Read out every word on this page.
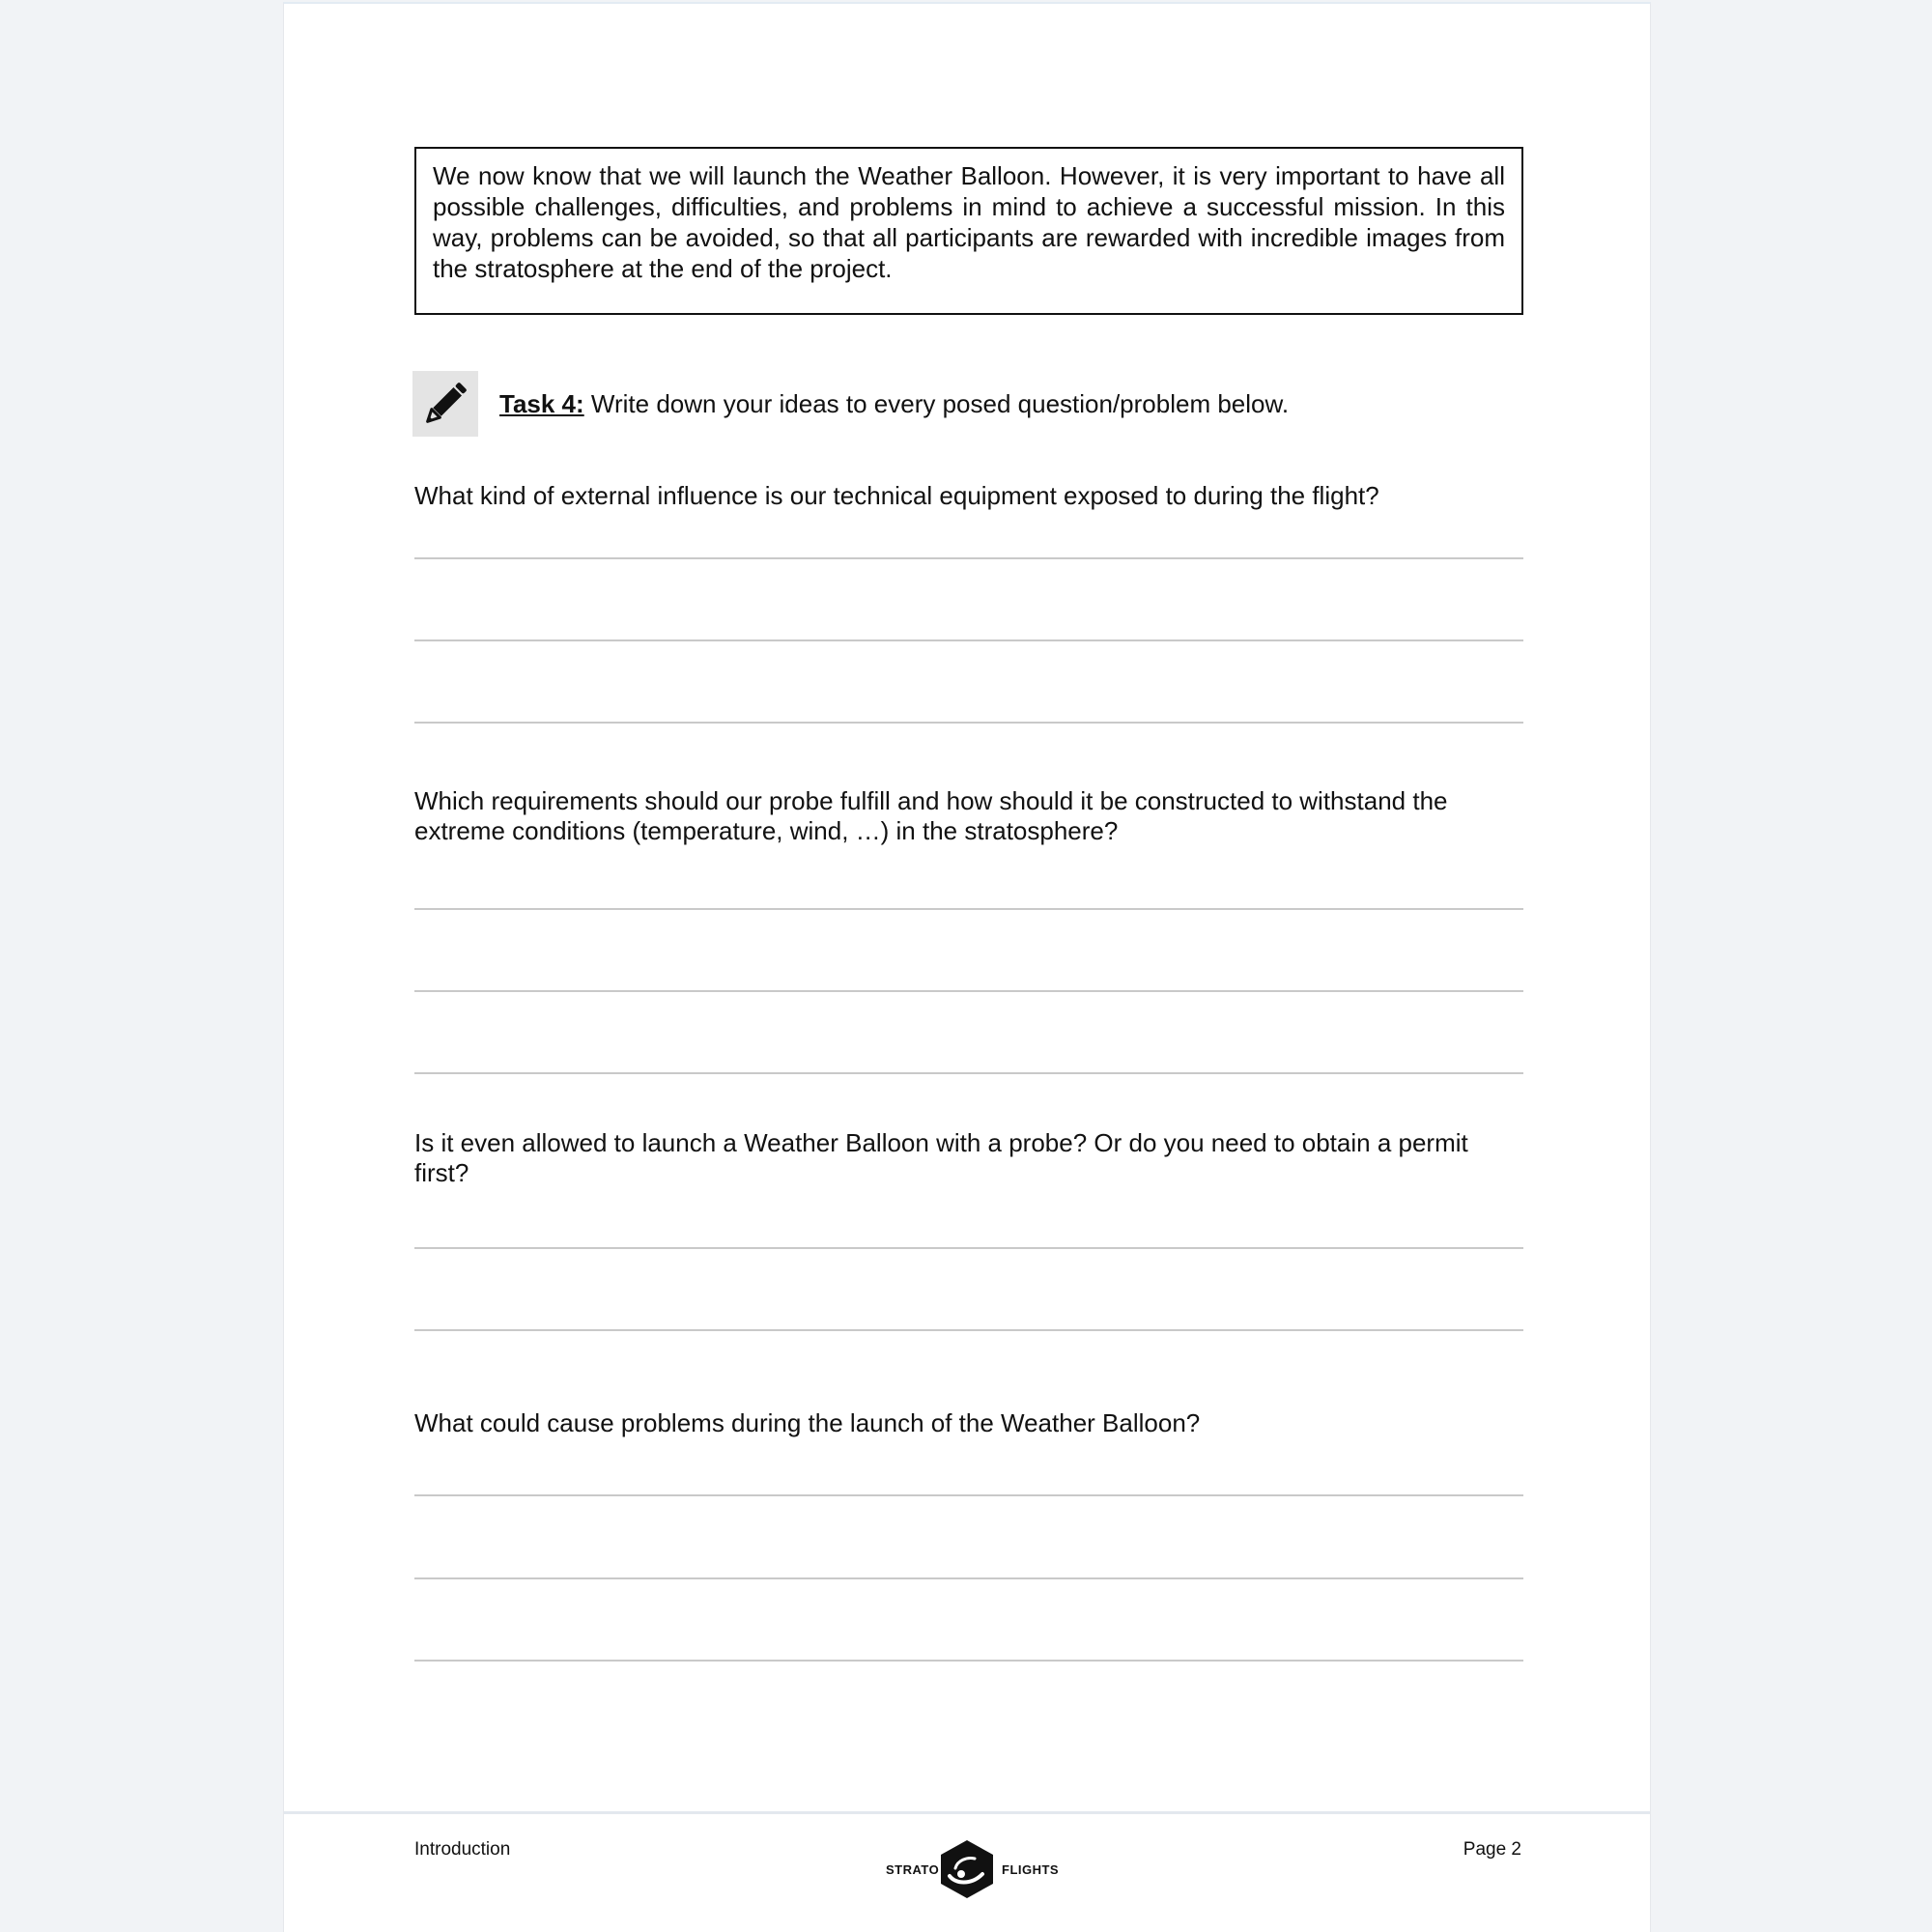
We now know that we will launch the Weather Balloon. However, it is very important to have all possible challenges, difficulties, and problems in mind to achieve a successful mission. In this way, problems can be avoided, so that all participants are rewarded with incredible images from the stratosphere at the end of the project.
Task 4: Write down your ideas to every posed question/problem below.
What kind of external influence is our technical equipment exposed to during the flight?
Which requirements should our probe fulfill and how should it be constructed to withstand the extreme conditions (temperature, wind, …) in the stratosphere?
Is it even allowed to launch a Weather Balloon with a probe? Or do you need to obtain a permit first?
What could cause problems during the launch of the Weather Balloon?
Introduction
STRATO	FLIGHTS
Page 2
